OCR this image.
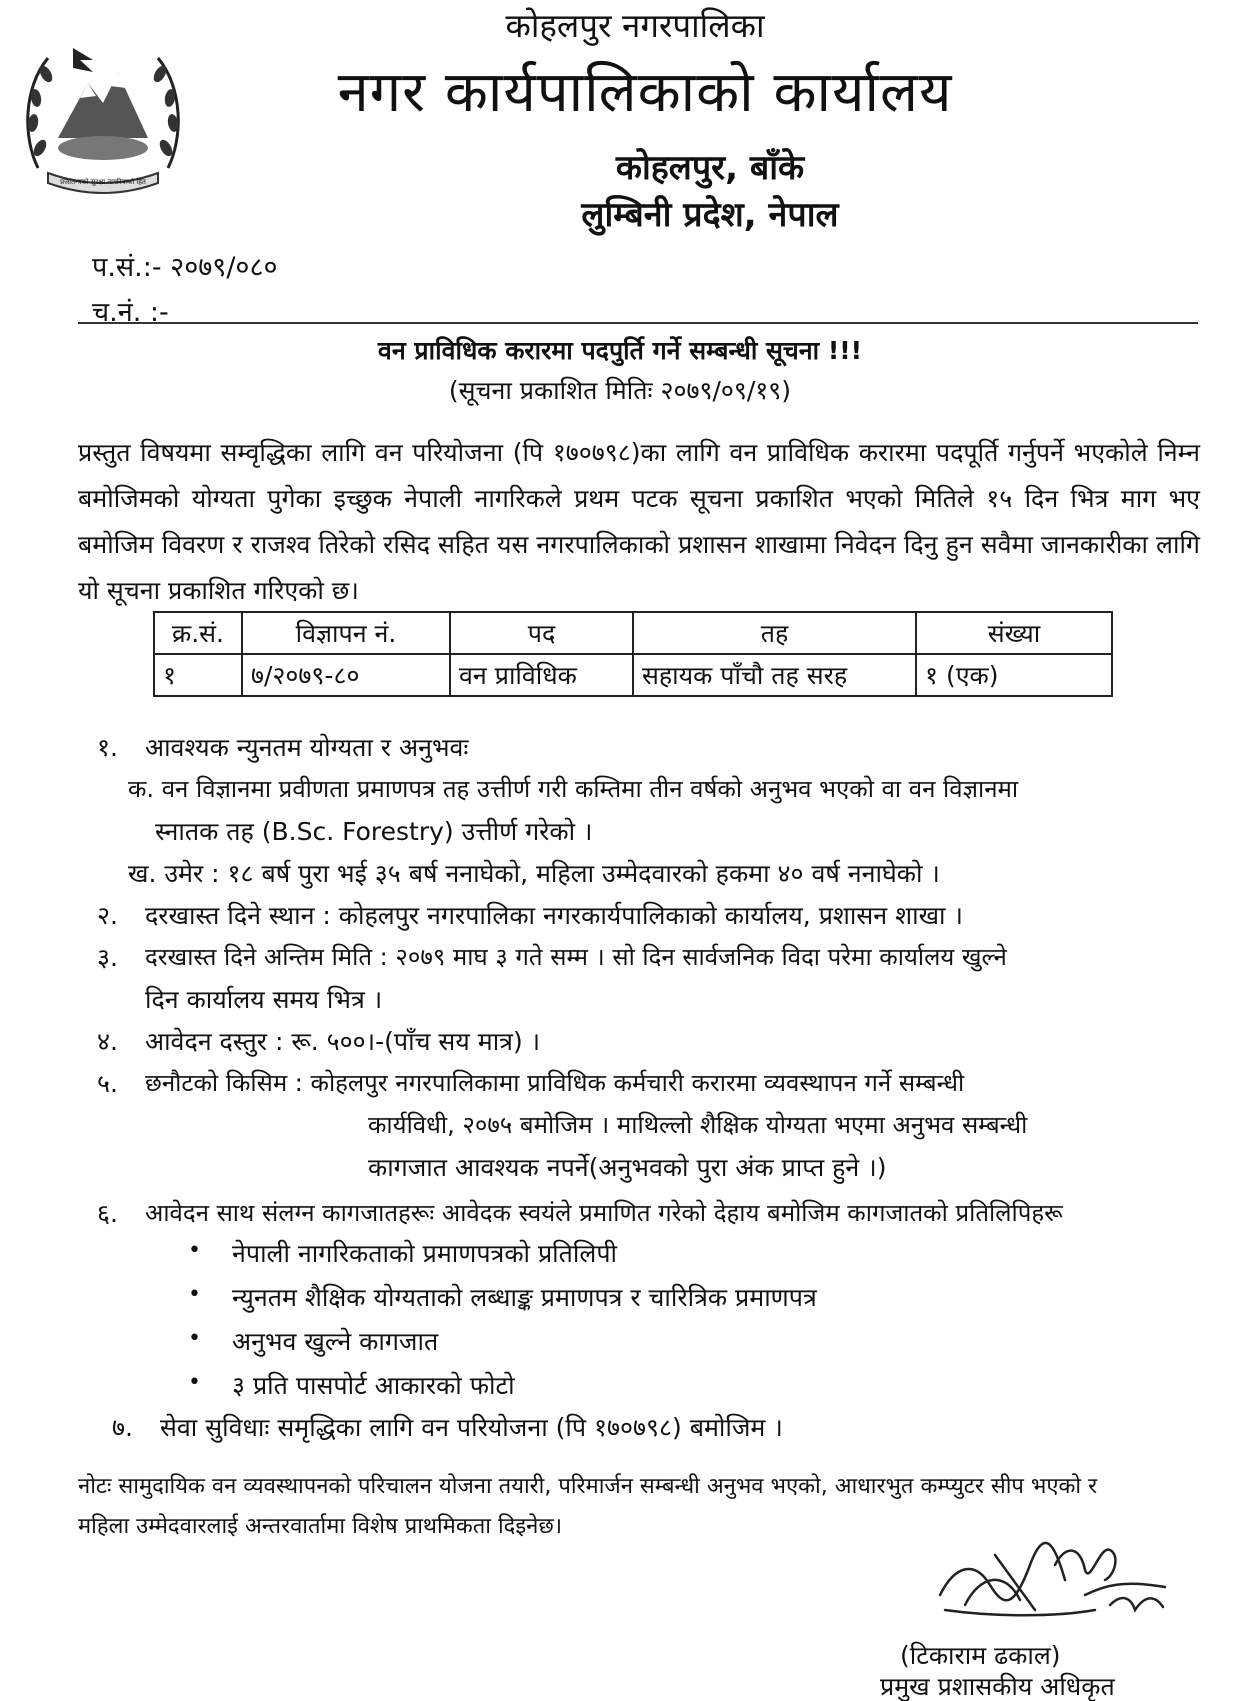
प्रजातन्त्रको सुरक्षा नागरिकको हित
कोहलपुर नगरपालिका
नगर कार्यपालिकाको कार्यालय
कोहलपुर, बाँके
लुम्बिनी प्रदेश, नेपाल
प.सं.:- २०७९/०८०
च.नं. :-
वन प्राविधिक करारमा पदपुर्ति गर्ने सम्बन्धी सूचना !!!
(सूचना प्रकाशित मितिः २०७९/०९/१९)
प्रस्तुत विषयमा सम्वृद्धिका लागि वन परियोजना (पि १७०७९८)का लागि वन प्राविधिक करारमा पदपूर्ति गर्नुपर्ने भएकोले निम्न बमोजिमको योग्यता पुगेका इच्छुक नेपाली नागरिकले प्रथम पटक सूचना प्रकाशित भएको मितिले १५ दिन भित्र माग भए बमोजिम विवरण र राजश्व तिरेको रसिद सहित यस नगरपालिकाको प्रशासन शाखामा निवेदन दिनु हुन सवैमा जानकारीका लागि यो सूचना प्रकाशित गरिएको छ।
क्र.सं.	विज्ञापन नं.	पद	तह	संख्या
१	७/२०७९-८०	वन प्राविधिक	सहायक पाँचौ तह सरह	१ (एक)
१. आवश्यक न्युनतम योग्यता र अनुभवः
क. वन विज्ञानमा प्रवीणता प्रमाणपत्र तह उत्तीर्ण गरी कम्तिमा तीन वर्षको अनुभव भएको वा वन विज्ञानमा
स्नातक तह (B.Sc. Forestry) उत्तीर्ण गरेको ।
ख. उमेर : १८ बर्ष पुरा भई ३५ बर्ष ननाघेको, महिला उम्मेदवारको हकमा ४० वर्ष ननाघेको ।
२. दरखास्त दिने स्थान : कोहलपुर नगरपालिका नगरकार्यपालिकाको कार्यालय, प्रशासन शाखा ।
३. दरखास्त दिने अन्तिम मिति : २०७९ माघ ३ गते सम्म । सो दिन सार्वजनिक विदा परेमा कार्यालय खुल्ने
दिन कार्यालय समय भित्र ।
४. आवेदन दस्तुर : रू. ५००।-(पाँच सय मात्र) ।
५. छनौटको किसिम : कोहलपुर नगरपालिकामा प्राविधिक कर्मचारी करारमा व्यवस्थापन गर्ने सम्बन्धी
कार्यविधी, २०७५ बमोजिम । माथिल्लो शैक्षिक योग्यता भएमा अनुभव सम्बन्धी
कागजात आवश्यक नपर्ने(अनुभवको पुरा अंक प्राप्त हुने ।)
६. आवेदन साथ संलग्न कागजातहरूः आवेदक स्वयंले प्रमाणित गरेको देहाय बमोजिम कागजातको प्रतिलिपिहरू
• नेपाली नागरिकताको प्रमाणपत्रको प्रतिलिपी
• न्युनतम शैक्षिक योग्यताको लब्धाङ्क प्रमाणपत्र र चारित्रिक प्रमाणपत्र
• अनुभव खुल्ने कागजात
• ३ प्रति पासपोर्ट आकारको फोटो
७. सेवा सुविधाः समृद्धिका लागि वन परियोजना (पि १७०७९८) बमोजिम ।
नोटः सामुदायिक वन व्यवस्थापनको परिचालन योजना तयारी, परिमार्जन सम्बन्धी अनुभव भएको, आधारभुत कम्प्युटर सीप भएको र
महिला उम्मेदवारलाई अन्तरवार्तामा विशेष प्राथमिकता दिइनेछ।
(टिकाराम ढकाल)
प्रमुख प्रशासकीय अधिकृत
